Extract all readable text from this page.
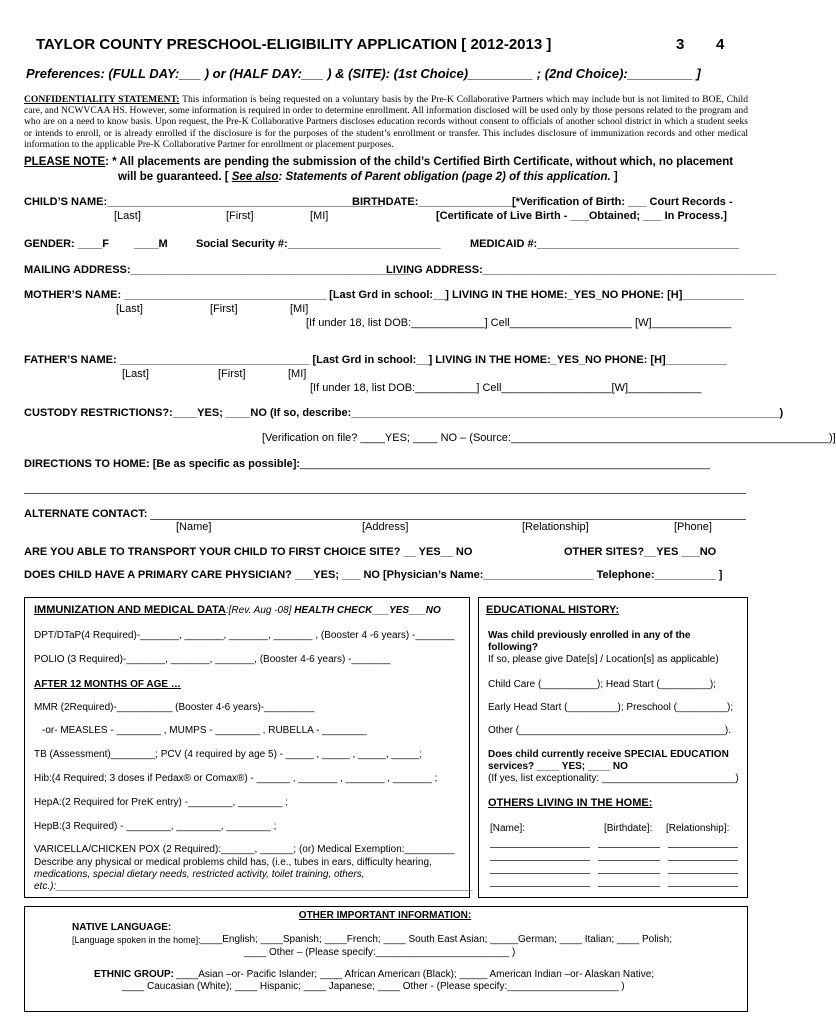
TAYLOR COUNTY PRESCHOOL-ELIGIBILITY APPLICATION [ 2012-2013 ]	3 4
Preferences: (FULL DAY:___ ) or (HALF DAY:___ ) & (SITE): (1st Choice)_________ ; (2nd Choice):_________ ]
CONFIDENTIALITY STATEMENT: This information is being requested on a voluntary basis by the Pre-K Collaborative Partners which may include but is not limited to BOE, Child care, and NCWVCAA HS. However, some information is required in order to determine enrollment. All information disclosed will be used only by those persons related to the program and who are on a need to know basis. Upon request, the Pre-K Collaborative Partners discloses education records without consent to officials of another school district in which a student seeks or intends to enroll, or is already enrolled if the disclosure is for the purposes of the student’s enrollment or transfer. This includes disclosure of immunization records and other medical information to the applicable Pre-K Collaborative Partner for enrollment or placement purposes.
PLEASE NOTE: * All placements are pending the submission of the child’s Certified Birth Certificate, without which, no placement
will be guaranteed. [ See also: Statements of Parent obligation (page 2) of this application. ]
CHILD’S NAME:_____________________________________________
BIRTHDATE:________________
[*Verification of Birth: ___ Court Records -
[Last]	[First]	[MI]	[Certificate of Live Birth - ___Obtained; ___ In Process.]
GENDER: ____F ____M	Social Security #:_________________________	MEDICAID #:_________________________________
MAILING ADDRESS:______________________________________________
LIVING ADDRESS:________________________________________________
MOTHER’S NAME: _________________________________ [Last Grd in school:__] LIVING IN THE HOME:_YES_NO PHONE: [H]__________
[Last]	[First]	[MI]
[If under 18, list DOB:____________] Cell____________________ [W]_____________
FATHER’S NAME: _______________________________ [Last Grd in school:__] LIVING IN THE HOME:_YES_NO PHONE: [H]__________
[Last]	[First]	[MI]
[If under 18, list DOB:__________] Cell__________________[W]____________
CUSTODY RESTRICTIONS?:____YES; ____NO (If so, describe:______________________________________________________________________)
[Verification on file? ____YES; ____ NO – (Source:____________________________________________________)]
DIRECTIONS TO HOME: [Be as specific as possible]: ___________________________________________________________________
ALTERNATE CONTACT:
[Name]	[Address]	[Relationship]	[Phone]
ARE YOU ABLE TO TRANSPORT YOUR CHILD TO FIRST CHOICE SITE? __ YES__ NO	OTHER SITES?__YES ___NO
DOES CHILD HAVE A PRIMARY CARE PHYSICIAN? ___YES; ___ NO [Physician’s Name:__________________ Telephone:__________ ]
IMMUNIZATION AND MEDICAL DATA:[Rev. Aug -08] HEALTH CHECK___YES___NO
DPT/DTaP(4 Required)-_______, _______, _______, _______ , (Booster 4 -6 years) -_______
POLIO (3 Required)-_______, _______, _______, (Booster 4-6 years) -_______
AFTER 12 MONTHS OF AGE …
MMR (2Required)-__________ (Booster 4-6 years)-_________
-or- MEASLES - ________ , MUMPS - ________ , RUBELLA - ________
TB (Assessment)________; PCV (4 required by age 5) - _____ , _____ , _____, _____;
Hib:(4 Required; 3 doses if Pedax® or Comax®) - ______ , _______ , _______ , _______ ;
HepA:(2 Required for PreK entry) -________, ________ ;
HepB:(3 Required) - ________, ________, ________ ;
VARICELLA/CHICKEN POX (2 Required):______, ______; (or) Medical Exemption:_________
Describe any physical or medical problems child has, (i.e., tubes in ears, difficulty hearing,
medications, special dietary needs, restricted activity, toilet training, others,
etc.):___________________________________________________________________________
EDUCATIONAL HISTORY:
Was child previously enrolled in any of the
following?
If so, please give Date[s] / Location[s] as applicable)
Child Care (__________); Head Start (_________);
Early Head Start (_________); Preschool (_________);
Other (_____________________________________).
Does child currently receive SPECIAL EDUCATION
services? ____ YES; ____ NO
(If yes, list exceptionality: ________________________)
OTHERS LIVING IN THE HOME:
[Name]:	[Birthdate]: [Relationship]:
OTHER IMPORTANT INFORMATION:
NATIVE LANGUAGE:
[Language spoken in the home]: ____English; ____Spanish; ____French; ____ South East Asian; _____German; ____ Italian; ____ Polish;
____ Other – (Please specify:________________________ )
ETHNIC GROUP: ____Asian –or- Pacific Islander; ____ African American (Black); _____ American Indian –or- Alaskan Native;
____ Caucasian (White); ____ Hispanic; ____ Japanese; ____ Other - (Please specify:____________________ )
